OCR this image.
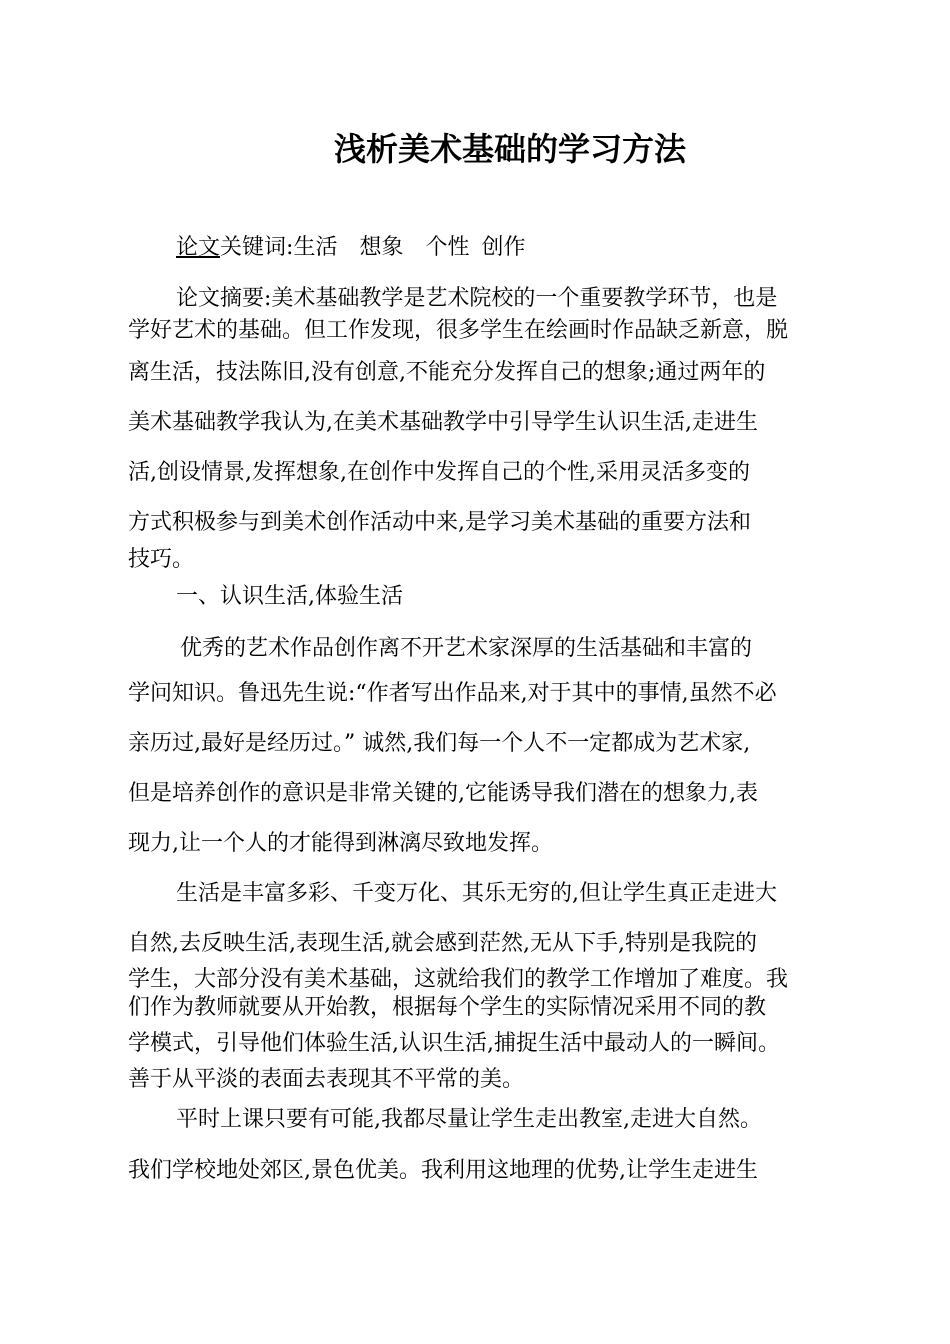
浅析美术基础的学习方法
论文关键词:生活 想象 个性 创作
论文摘要:美术基础教学是艺术院校的一个重要教学环节，也是
学好艺术的基础。但工作发现，很多学生在绘画时作品缺乏新意，脱
离生活，技法陈旧,没有创意,不能充分发挥自己的想象;通过两年的
美术基础教学我认为,在美术基础教学中引导学生认识生活,走进生
活,创设情景,发挥想象,在创作中发挥自己的个性,采用灵活多变的
方式积极参与到美术创作活动中来,是学习美术基础的重要方法和
技巧。
一、认识生活,体验生活
优秀的艺术作品创作离不开艺术家深厚的生活基础和丰富的
学问知识。鲁迅先生说:“作者写出作品来,对于其中的事情,虽然不必
亲历过,最好是经历过。” 诚然,我们每一个人不一定都成为艺术家,
但是培养创作的意识是非常关键的,它能诱导我们潜在的想象力,表
现力,让一个人的才能得到淋漓尽致地发挥。
生活是丰富多彩、千变万化、其乐无穷的,但让学生真正走进大
自然,去反映生活,表现生活,就会感到茫然,无从下手,特别是我院的
学生，大部分没有美术基础，这就给我们的教学工作增加了难度。我
们作为教师就要从开始教，根据每个学生的实际情况采用不同的教
学模式，引导他们体验生活,认识生活,捕捉生活中最动人的一瞬间。
善于从平淡的表面去表现其不平常的美。
平时上课只要有可能,我都尽量让学生走出教室,走进大自然。
我们学校地处郊区,景色优美。我利用这地理的优势,让学生走进生
